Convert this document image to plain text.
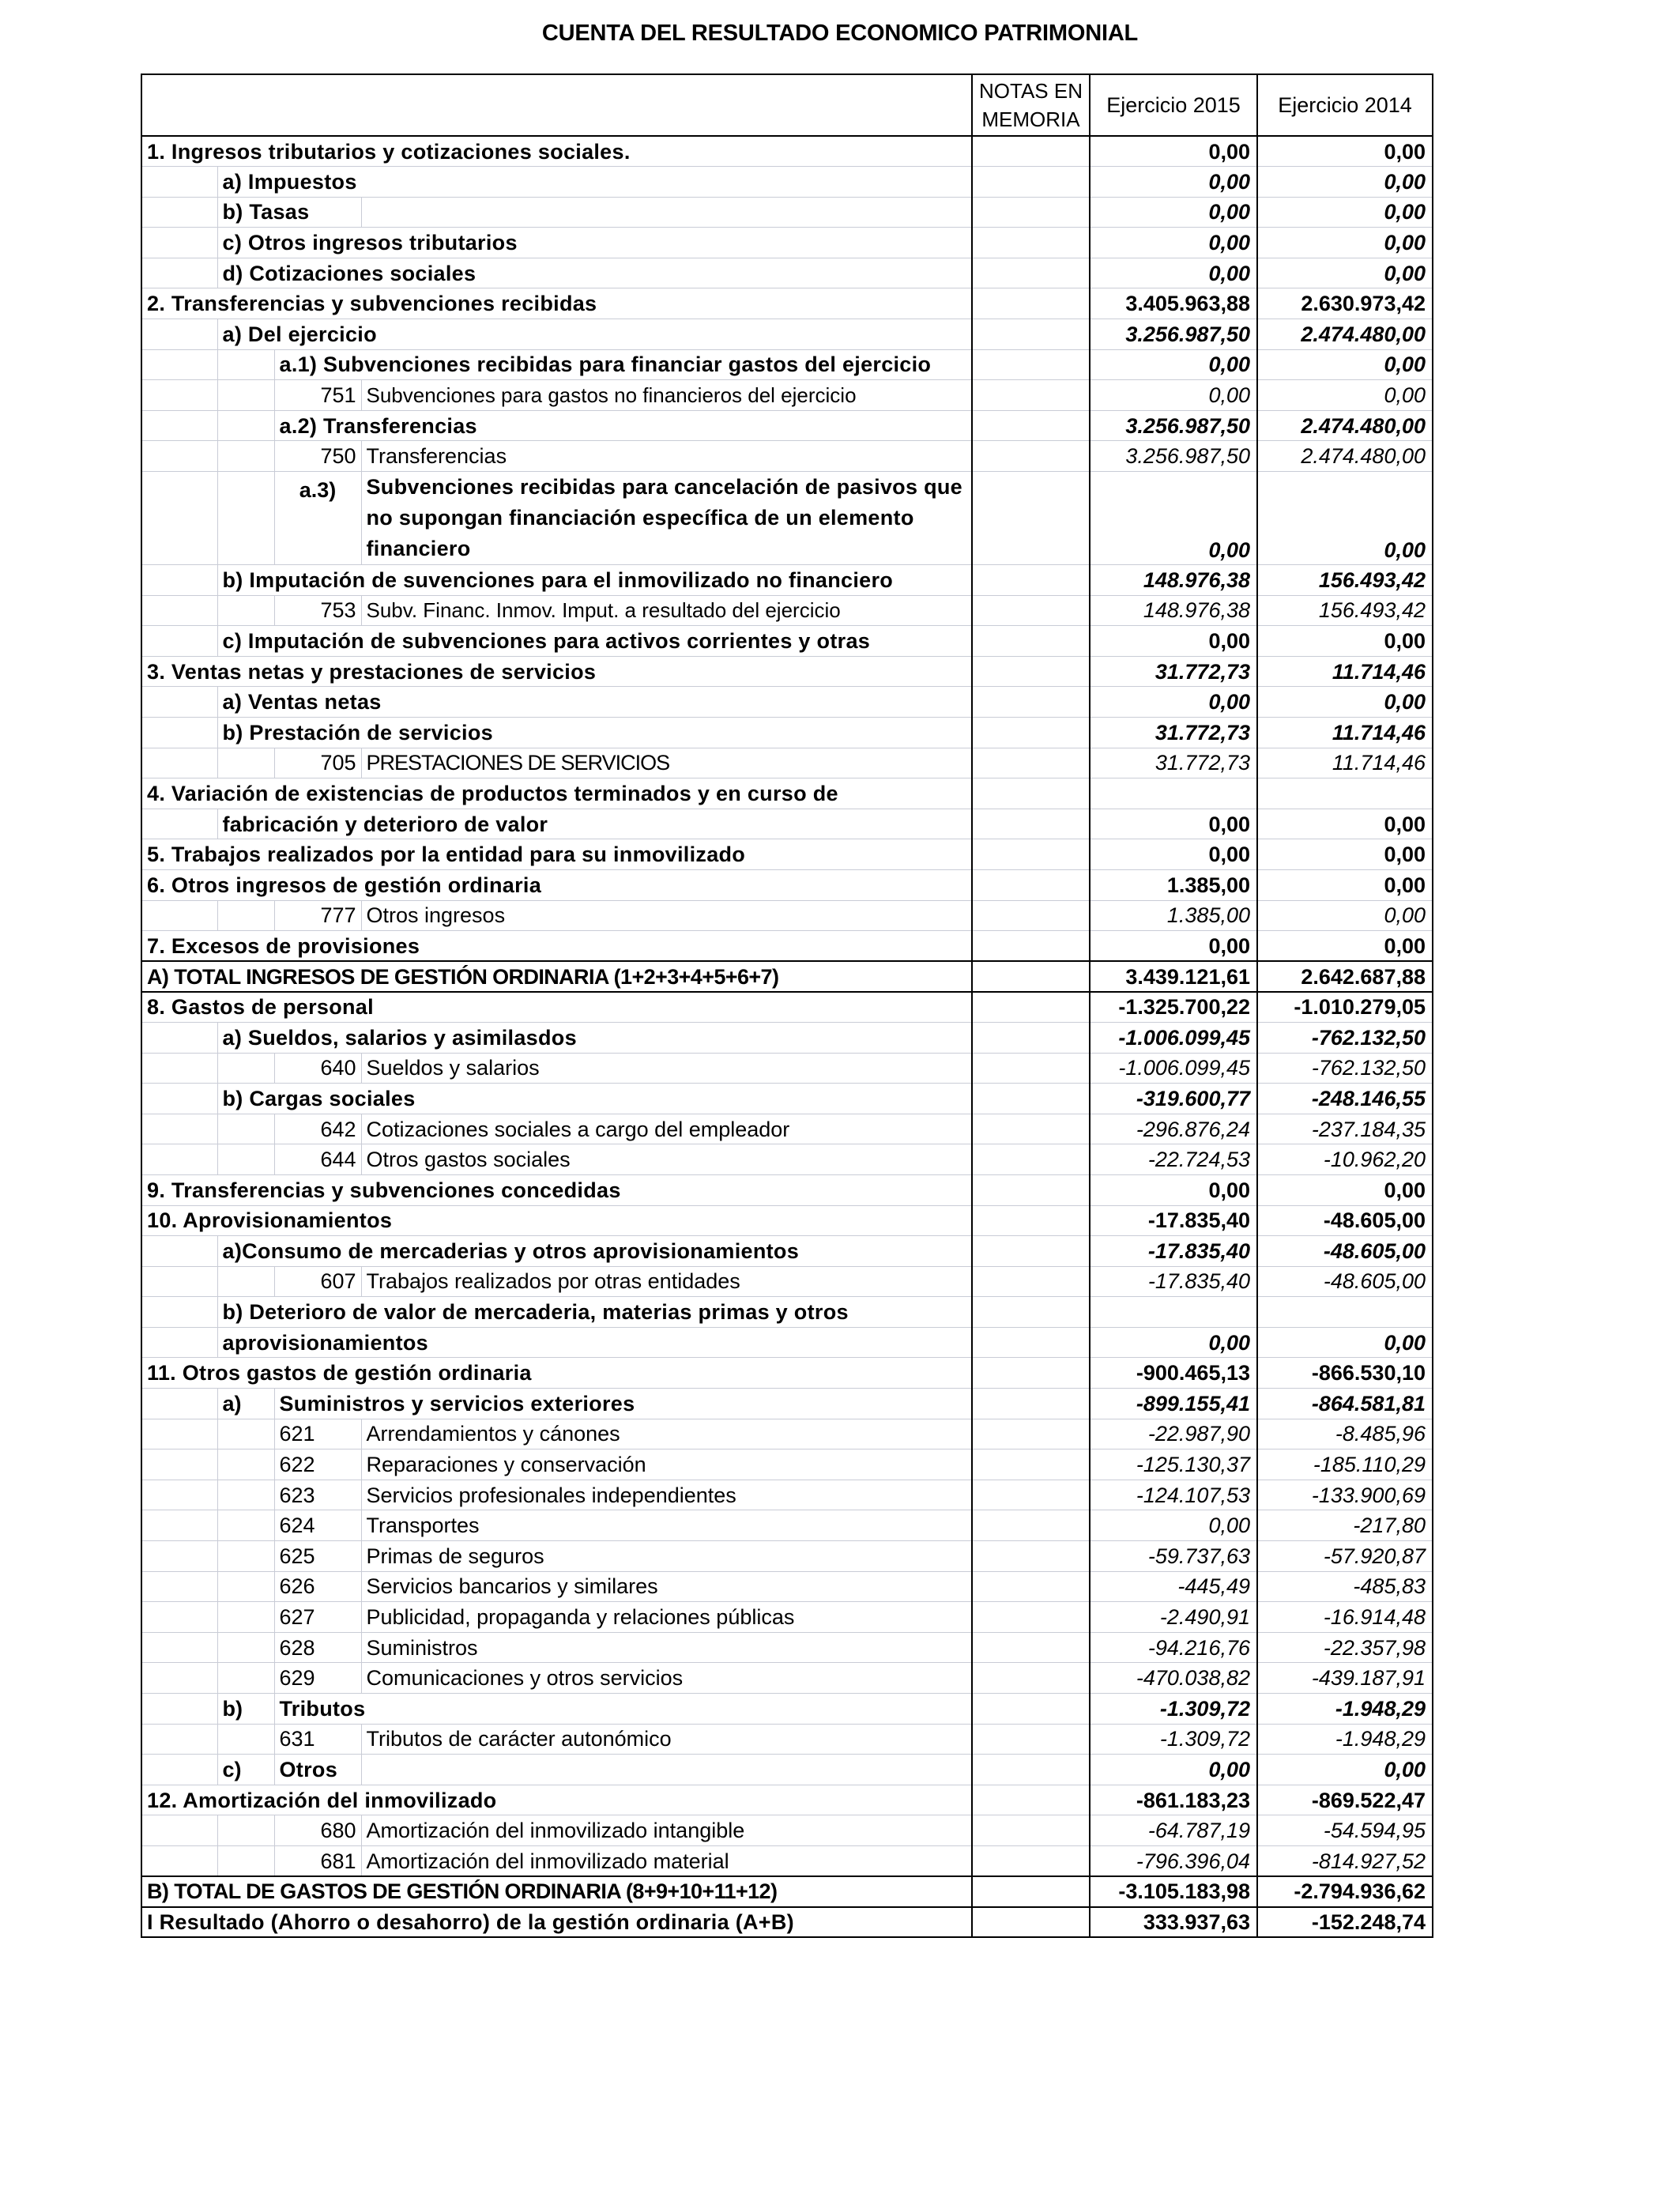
CUENTA DEL RESULTADO ECONOMICO PATRIMONIAL
				NOTAS EN MEMORIA	Ejercicio 2015	Ejercicio 2014
1. Ingresos tributarios y cotizaciones sociales.					0,00	0,00
	a) Impuestos				0,00	0,00
	b) Tasas				0,00	0,00
	c) Otros ingresos tributarios				0,00	0,00
	d) Cotizaciones sociales				0,00	0,00
2. Transferencias y subvenciones recibidas					3.405.963,88	2.630.973,42
	a) Del ejercicio				3.256.987,50	2.474.480,00
		a.1) Subvenciones recibidas para financiar gastos del ejercicio			0,00	0,00
		751	Subvenciones para gastos no financieros del ejercicio		0,00	0,00
		a.2) Transferencias			3.256.987,50	2.474.480,00
		750	Transferencias		3.256.987,50	2.474.480,00
		a.3)	Subvenciones recibidas para cancelación de pasivos que no supongan financiación específica de un elemento financiero		0,00	0,00
	b) Imputación de suvenciones para el inmovilizado no financiero				148.976,38	156.493,42
		753	Subv. Financ. Inmov. Imput. a resultado del ejercicio		148.976,38	156.493,42
	c) Imputación de subvenciones para activos corrientes y otras				0,00	0,00
3. Ventas netas y prestaciones de servicios					31.772,73	11.714,46
	a) Ventas netas				0,00	0,00
	b) Prestación de servicios				31.772,73	11.714,46
		705	PRESTACIONES DE SERVICIOS		31.772,73	11.714,46
4. Variación de existencias de productos terminados y en curso de						
	fabricación y deterioro de valor				0,00	0,00
5. Trabajos realizados por la entidad para su inmovilizado					0,00	0,00
6. Otros ingresos de gestión ordinaria					1.385,00	0,00
		777	Otros ingresos		1.385,00	0,00
7. Excesos de provisiones					0,00	0,00
A) TOTAL INGRESOS DE GESTIÓN ORDINARIA (1+2+3+4+5+6+7)					3.439.121,61	2.642.687,88
8. Gastos de personal					-1.325.700,22	-1.010.279,05
	a) Sueldos, salarios y asimilasdos				-1.006.099,45	-762.132,50
		640	Sueldos y salarios		-1.006.099,45	-762.132,50
	b) Cargas sociales				-319.600,77	-248.146,55
		642	Cotizaciones sociales a cargo del empleador		-296.876,24	-237.184,35
		644	Otros gastos sociales		-22.724,53	-10.962,20
9. Transferencias y subvenciones concedidas					0,00	0,00
10. Aprovisionamientos					-17.835,40	-48.605,00
	a)Consumo de mercaderias y otros aprovisionamientos				-17.835,40	-48.605,00
		607	Trabajos realizados por otras entidades		-17.835,40	-48.605,00
	b) Deterioro de valor de mercaderia, materias primas y otros					
	aprovisionamientos				0,00	0,00
11. Otros gastos de gestión ordinaria					-900.465,13	-866.530,10
	a)	Suministros y servicios exteriores			-899.155,41	-864.581,81
		621	Arrendamientos y cánones		-22.987,90	-8.485,96
		622	Reparaciones y conservación		-125.130,37	-185.110,29
		623	Servicios profesionales independientes		-124.107,53	-133.900,69
		624	Transportes		0,00	-217,80
		625	Primas de seguros		-59.737,63	-57.920,87
		626	Servicios bancarios y similares		-445,49	-485,83
		627	Publicidad, propaganda y relaciones públicas		-2.490,91	-16.914,48
		628	Suministros		-94.216,76	-22.357,98
		629	Comunicaciones y otros servicios		-470.038,82	-439.187,91
	b)	Tributos			-1.309,72	-1.948,29
		631	Tributos de carácter autonómico		-1.309,72	-1.948,29
	c)	Otros			0,00	0,00
12. Amortización del inmovilizado					-861.183,23	-869.522,47
		680	Amortización del inmovilizado intangible		-64.787,19	-54.594,95
		681	Amortización del inmovilizado material		-796.396,04	-814.927,52
B) TOTAL DE GASTOS DE GESTIÓN ORDINARIA (8+9+10+11+12)					-3.105.183,98	-2.794.936,62
I Resultado (Ahorro o desahorro) de la gestión ordinaria (A+B)					333.937,63	-152.248,74
